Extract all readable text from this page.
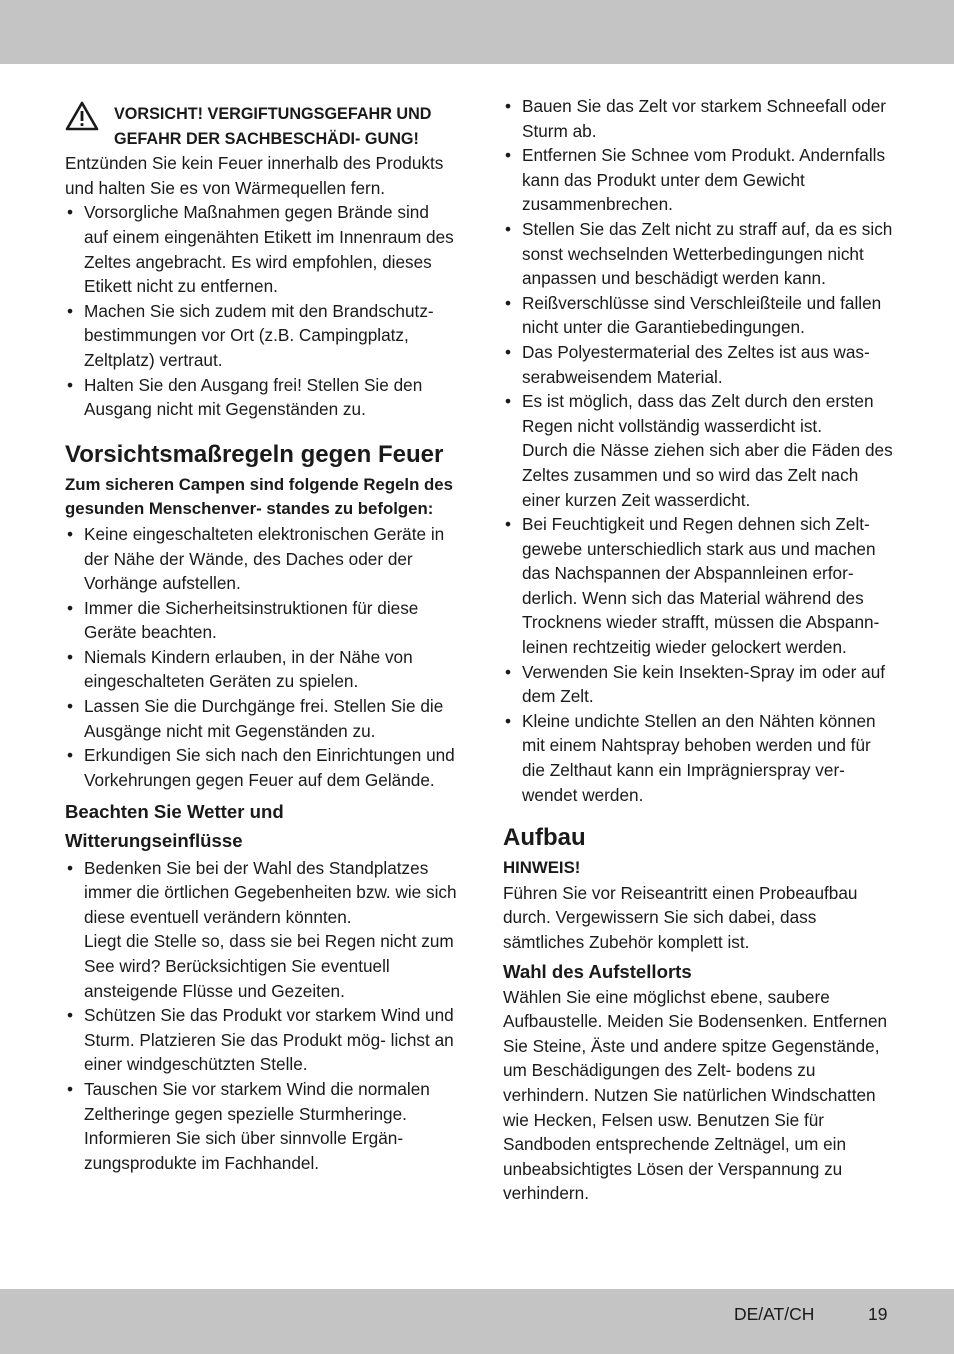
VORSICHT! VERGIFTUNGSGEFAHR UND GEFAHR DER SACHBESCHÄDI- GUNG!

Entzünden Sie kein Feuer innerhalb des Produkts und halten Sie es von Wärmequellen fern.

• Vorsorgliche Maßnahmen gegen Brände sind auf einem eingenähten Etikett im Innenraum des Zeltes angebracht. Es wird empfohlen, dieses Etikett nicht zu entfernen.
• Machen Sie sich zudem mit den Brandschutz- bestimmungen vor Ort (z.B. Campingplatz, Zeltplatz) vertraut.
• Halten Sie den Ausgang frei! Stellen Sie den Ausgang nicht mit Gegenständen zu.
Vorsichtsmaßregeln gegen Feuer

Zum sicheren Campen sind folgende Regeln des gesunden Menschenver- standes zu befolgen:

• Keine eingeschalteten elektronischen Geräte in der Nähe der Wände, des Daches oder der Vorhänge aufstellen.
• Immer die Sicherheitsinstruktionen für diese Geräte beachten.
• Niemals Kindern erlauben, in der Nähe von eingeschalteten Geräten zu spielen.
• Lassen Sie die Durchgänge frei. Stellen Sie die Ausgänge nicht mit Gegenständen zu.
• Erkundigen Sie sich nach den Einrichtungen und Vorkehrungen gegen Feuer auf dem Gelände.
Beachten Sie Wetter und Witterungseinflüsse
• Bedenken Sie bei der Wahl des Standplatzes immer die örtlichen Gegebenheiten bzw. wie sich diese eventuell verändern könnten.
Liegt die Stelle so, dass sie bei Regen nicht zum See wird? Berücksichtigen Sie eventuell ansteigende Flüsse und Gezeiten.
• Schützen Sie das Produkt vor starkem Wind und Sturm. Platzieren Sie das Produkt mög- lichst an einer windgeschützten Stelle.
• Tauschen Sie vor starkem Wind die normalen Zeltheringe gegen spezielle Sturmheringe. Informieren Sie sich über sinnvolle Ergän- zungsprodukte im Fachhandel.
• Bauen Sie das Zelt vor starkem Schneefall oder Sturm ab.
• Entfernen Sie Schnee vom Produkt. Andernfalls kann das Produkt unter dem Gewicht zusammenbrechen.
• Stellen Sie das Zelt nicht zu straff auf, da es sich sonst wechselnden Wetterbedingungen nicht anpassen und beschädigt werden kann.
• Reißverschlüsse sind Verschleißteile und fallen nicht unter die Garantiebedingungen.
• Das Polyestermaterial des Zeltes ist aus was- serabweisendem Material.
• Es ist möglich, dass das Zelt durch den ersten Regen nicht vollständig wasserdicht ist.
Durch die Nässe ziehen sich aber die Fäden des Zeltes zusammen und so wird das Zelt nach einer kurzen Zeit wasserdicht.
• Bei Feuchtigkeit und Regen dehnen sich Zelt- gewebe unterschiedlich stark aus und machen das Nachspannen der Abspannleinen erfor- derlich. Wenn sich das Material während des Trocknens wieder strafft, müssen die Abspann- leinen rechtzeitig wieder gelockert werden.
• Verwenden Sie kein Insekten-Spray im oder auf dem Zelt.
• Kleine undichte Stellen an den Nähten können mit einem Nahtspray behoben werden und für die Zelthaut kann ein Imprägnierspray ver- wendet werden.
Aufbau

HINWEIS!

Führen Sie vor Reiseantritt einen Probeaufbau durch. Vergewissern Sie sich dabei, dass sämtliches Zubehör komplett ist.

Wahl des Aufstellorts

Wählen Sie eine möglichst ebene, saubere Aufbaustelle. Meiden Sie Bodensenken. Entfernen Sie Steine, Äste und andere spitze Gegenstände, um Beschädigungen des Zelt- bodens zu verhindern. Nutzen Sie natürlichen Windschatten wie Hecken, Felsen usw. Benutzen Sie für Sandboden entsprechende Zeltnägel, um ein unbeabsichtigtes Lösen der Verspannung zu verhindern.

DE/AT/CH	19
